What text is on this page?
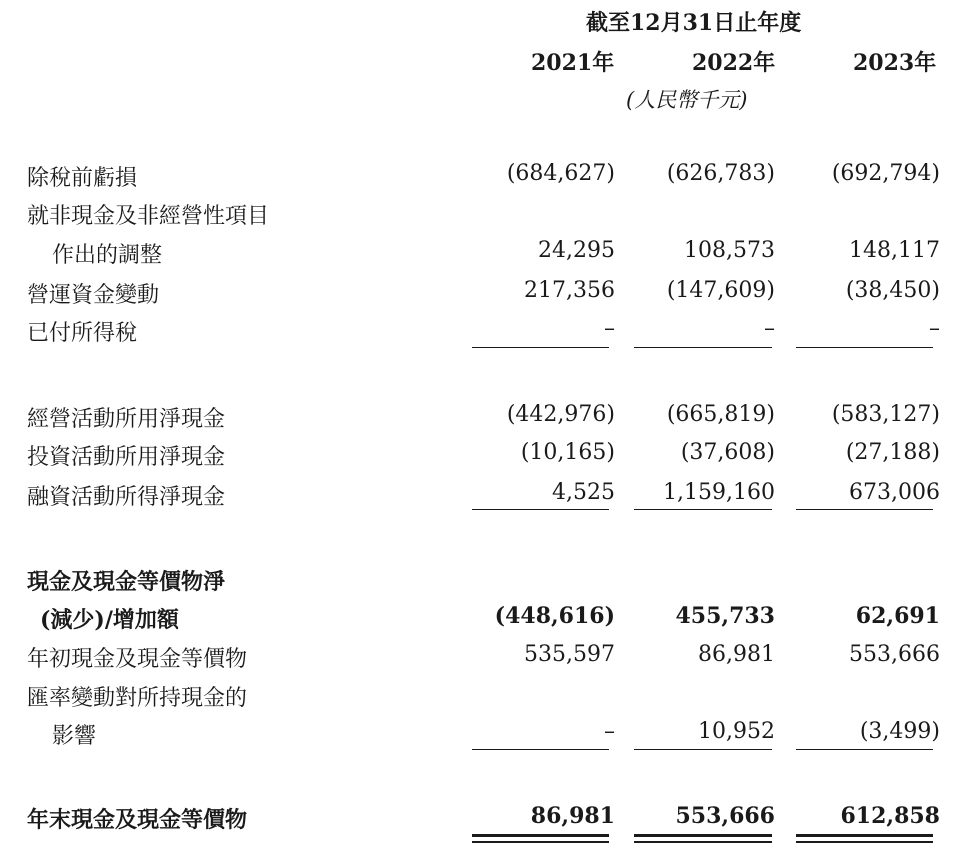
截至12月31日止年度
2021年	2022年	2023年
(人民幣千元)
除稅前虧損	(684,627)	(626,783)	(692,794)
就非現金及非經營性項目
作出的調整	24,295	108,573	148,117
營運資金變動	217,356	(147,609)	(38,450)
已付所得稅	–	–	–
經營活動所用淨現金	(442,976)	(665,819)	(583,127)
投資活動所用淨現金	(10,165)	(37,608)	(27,188)
融資活動所得淨現金	4,525	1,159,160	673,006
現金及現金等價物淨
(減少)/增加額	(448,616)	455,733	62,691
年初現金及現金等價物	535,597	86,981	553,666
匯率變動對所持現金的
影響	–	10,952	(3,499)
年末現金及現金等價物	86,981	553,666	612,858
